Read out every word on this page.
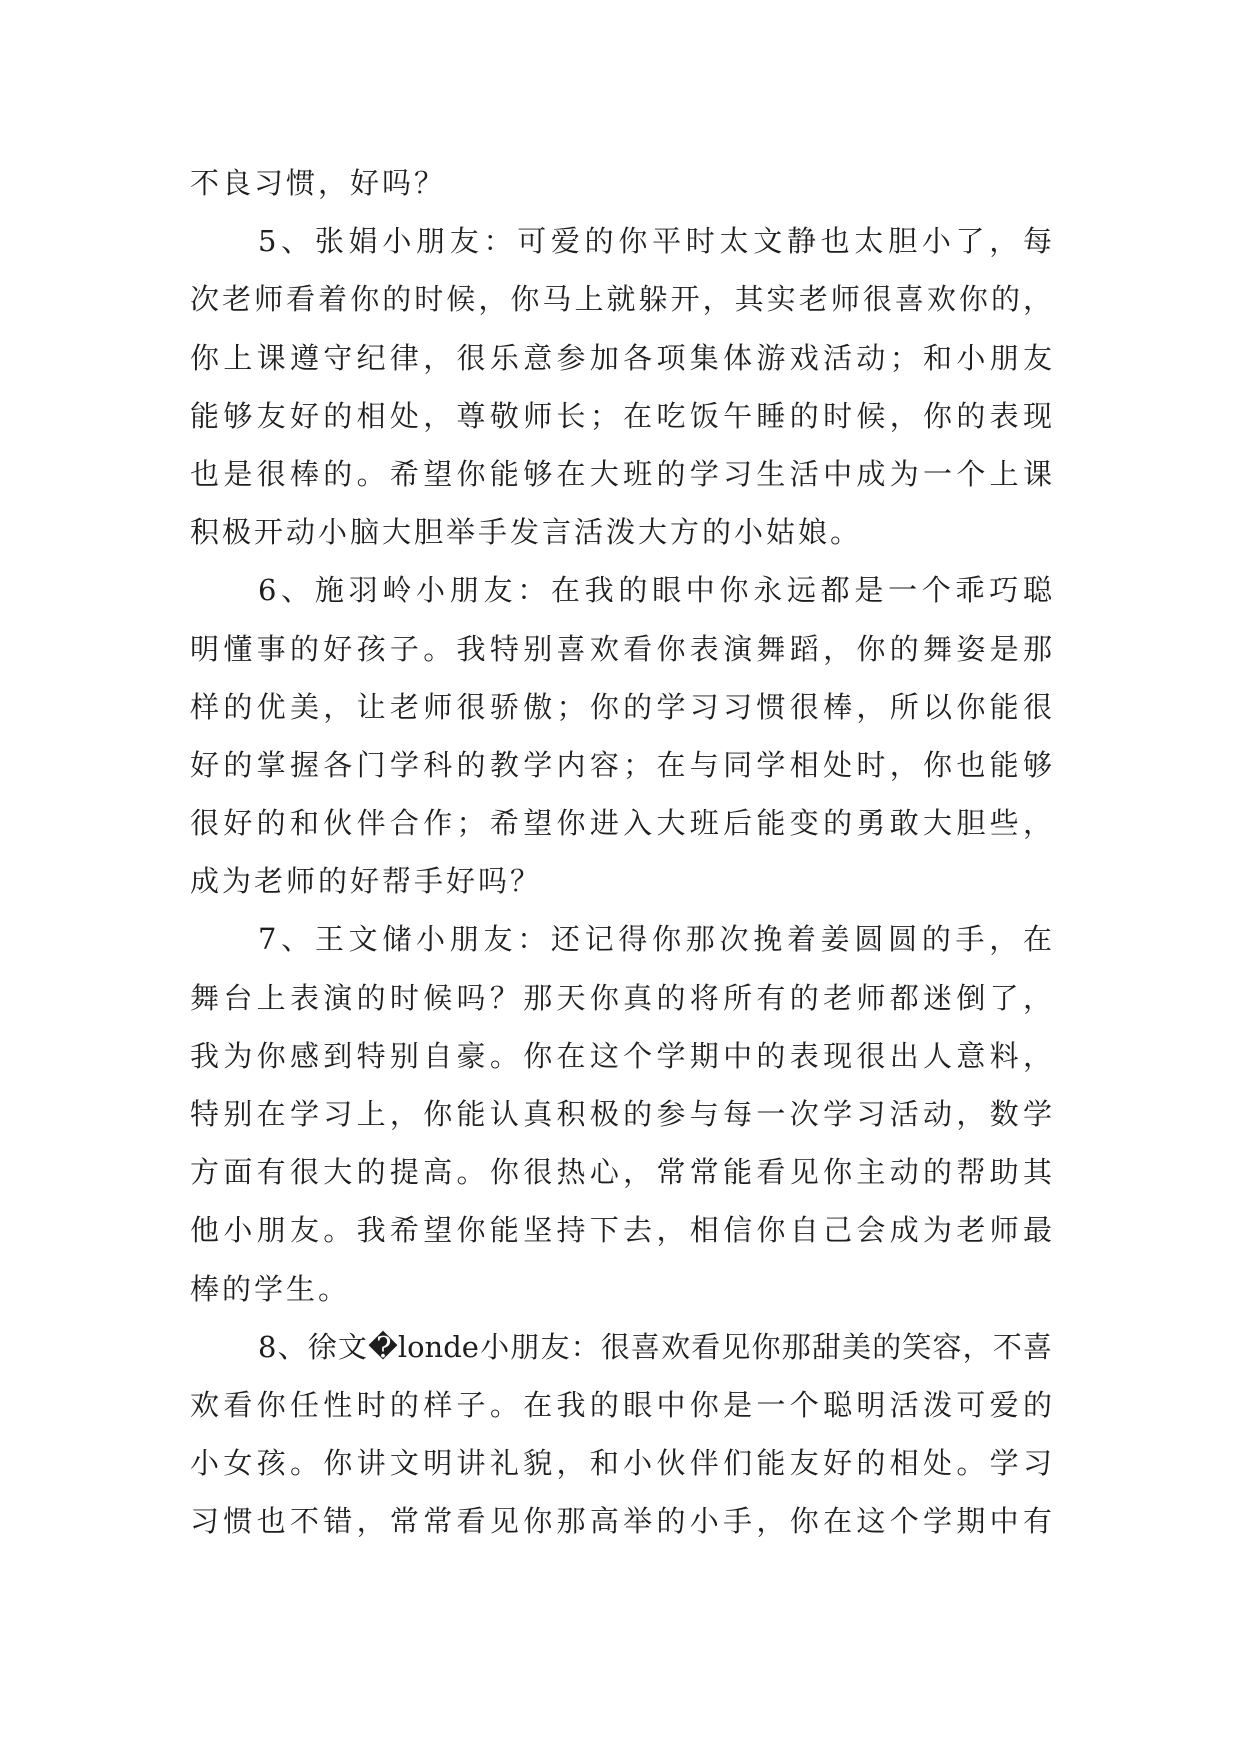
不良习惯，好吗？
5、张娟小朋友：可爱的你平时太文静也太胆小了，每
次老师看着你的时候，你马上就躲开，其实老师很喜欢你的，
你上课遵守纪律，很乐意参加各项集体游戏活动；和小朋友
能够友好的相处，尊敬师长；在吃饭午睡的时候，你的表现
也是很棒的。希望你能够在大班的学习生活中成为一个上课
积极开动小脑大胆举手发言活泼大方的小姑娘。
6、施羽岭小朋友：在我的眼中你永远都是一个乖巧聪
明懂事的好孩子。我特别喜欢看你表演舞蹈，你的舞姿是那
样的优美，让老师很骄傲；你的学习习惯很棒，所以你能很
好的掌握各门学科的教学内容；在与同学相处时，你也能够
很好的和伙伴合作；希望你进入大班后能变的勇敢大胆些，
成为老师的好帮手好吗？
7、王文储小朋友：还记得你那次挽着姜圆圆的手，在
舞台上表演的时候吗？那天你真的将所有的老师都迷倒了，
我为你感到特别自豪。你在这个学期中的表现很出人意料，
特别在学习上，你能认真积极的参与每一次学习活动，数学
方面有很大的提高。你很热心，常常能看见你主动的帮助其
他小朋友。我希望你能坚持下去，相信你自己会成为老师最
棒的学生。
8、徐文�londe小朋友：很喜欢看见你那甜美的笑容，不喜
欢看你任性时的样子。在我的眼中你是一个聪明活泼可爱的
小女孩。你讲文明讲礼貌，和小伙伴们能友好的相处。学习
习惯也不错，常常看见你那高举的小手，你在这个学期中有
